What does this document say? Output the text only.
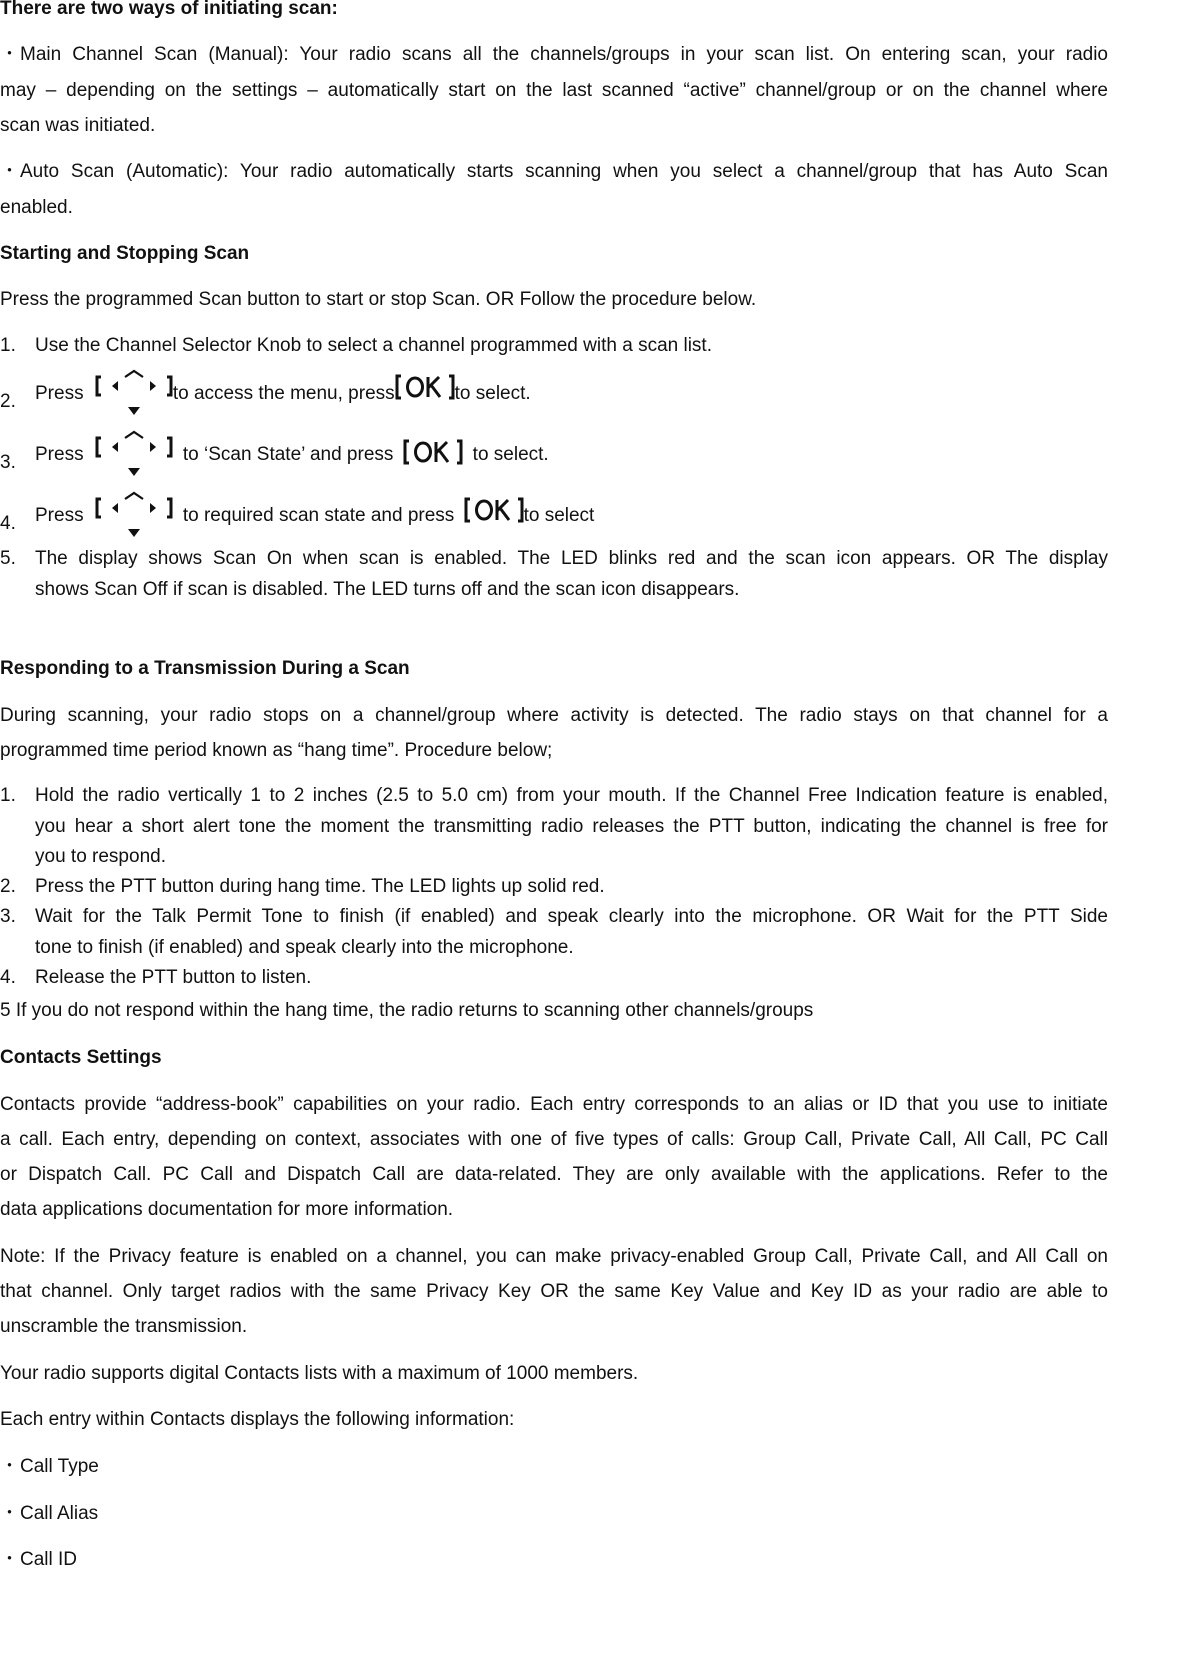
There are two ways of initiating scan:
・Main Channel Scan (Manual): Your radio scans all the channels/groups in your scan list. On entering scan, your radio
may – depending on the settings – automatically start on the last scanned “active” channel/group or on the channel where
scan was initiated.
・Auto Scan (Automatic): Your radio automatically starts scanning when you select a channel/group that has Auto Scan
enabled.
Starting and Stopping Scan
Press the programmed Scan button to start or stop Scan. OR Follow the procedure below.
1. Use the Channel Selector Knob to select a channel programmed with a scan list.
2. Press	to access the menu, press	to select.
3. Press	to ‘Scan State’ and press	to select.
4. Press	to required scan state and press	to select
5. The display shows Scan On when scan is enabled. The LED blinks red and the scan icon appears. OR The display
shows Scan Off if scan is disabled. The LED turns off and the scan icon disappears.
Responding to a Transmission During a Scan
During scanning, your radio stops on a channel/group where activity is detected. The radio stays on that channel for a
programmed time period known as “hang time”. Procedure below;
1. Hold the radio vertically 1 to 2 inches (2.5 to 5.0 cm) from your mouth. If the Channel Free Indication feature is enabled,
you hear a short alert tone the moment the transmitting radio releases the PTT button, indicating the channel is free for
you to respond.
2. Press the PTT button during hang time. The LED lights up solid red.
3. Wait for the Talk Permit Tone to finish (if enabled) and speak clearly into the microphone. OR Wait for the PTT Side
tone to finish (if enabled) and speak clearly into the microphone.
4. Release the PTT button to listen.
5 If you do not respond within the hang time, the radio returns to scanning other channels/groups
Contacts Settings
Contacts provide “address-book” capabilities on your radio. Each entry corresponds to an alias or ID that you use to initiate
a call. Each entry, depending on context, associates with one of five types of calls: Group Call, Private Call, All Call, PC Call
or Dispatch Call. PC Call and Dispatch Call are data-related. They are only available with the applications. Refer to the
data applications documentation for more information.
Note: If the Privacy feature is enabled on a channel, you can make privacy-enabled Group Call, Private Call, and All Call on
that channel. Only target radios with the same Privacy Key OR the same Key Value and Key ID as your radio are able to
unscramble the transmission.
Your radio supports digital Contacts lists with a maximum of 1000 members.
Each entry within Contacts displays the following information:
・Call Type
・Call Alias
・Call ID
